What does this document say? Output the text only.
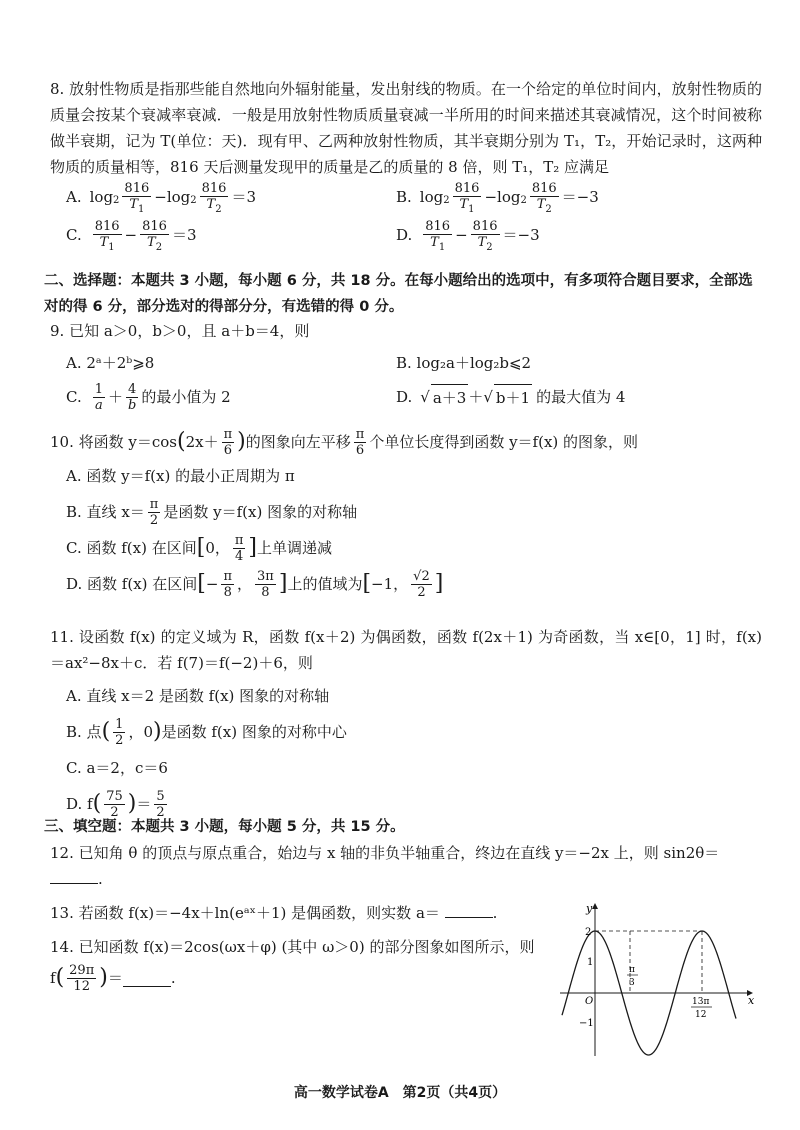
8. 放射性物质是指那些能自然地向外辐射能量，发出射线的物质。在一个给定的单位时间内，放射性物质的质量会按某个衰减率衰减．一般是用放射性物质质量衰减一半所用的时间来描述其衰减情况，这个时间被称做半衰期，记为 T(单位：天)．现有甲、乙两种放射性物质，其半衰期分别为 T₁，T₂，开始记录时，这两种物质的质量相等，816 天后测量发现甲的质量是乙的质量的 8 倍，则 T₁，T₂ 应满足
A. $\log 2 \frac{816}{T_1} - \log 2 \frac{816}{T_2} =3$	B. $\log 2 \frac{816}{T_1} - \log 2 \frac{816}{T_2} =-3$
C. $\frac{816}{T_1} - \frac{816}{T_2} =3$	D. $\frac{816}{T_1} - \frac{816}{T_2} =-3$
二、选择题：本题共 3 小题，每小题 6 分，共 18 分。在每小题给出的选项中，有多项符合题目要求，全部选对的得 6 分，部分选对的得部分分，有选错的得 0 分。
9. 已知 a＞0，b＞0，且 a＋b＝4，则
A. 2ᵃ＋2ᵇ⩾8	B. log₂a＋log₂b⩽2
C. $\frac{1}{a} + \frac{4}{b}$ 的最小值为 2	D. √ a＋3 ＋ √ b＋1 的最大值为 4
10. 将函数 y＝cos ( $2x+ \frac{\pi}{6}$ ) 的图象向左平移 $\frac{\pi}{6}$ 个单位长度得到函数 y＝f(x) 的图象，则
A. 函数 y＝f(x) 的最小正周期为 π
B. 直线 $x= \frac{\pi}{2}$ 是函数 y＝f(x) 图象的对称轴
C. 函数 f(x) 在区间 [ 0， $\frac{\pi}{4}$ ] 上单调递减
D. 函数 f(x) 在区间 [ − $\frac{\pi}{8}$ ， $\frac{3\pi}{8}$ ] 上的值域为 [ −1， $\frac{√2}{2}$ ]
11. 设函数 f(x) 的定义域为 R，函数 f(x＋2) 为偶函数，函数 f(2x＋1) 为奇函数，当 x∈[0，1] 时，f(x)＝ax²−8x＋c．若 f(7)＝f(−2)＋6，则
A. 直线 x＝2 是函数 f(x) 图象的对称轴
B. 点 ( $\frac{1}{2}$ ，0 ) 是函数 f(x) 图象的对称中心
C. a＝2，c＝6
D. f ( $\frac{75}{2}$ ) ＝ $\frac{5}{2}$
三、填空题：本题共 3 小题，每小题 5 分，共 15 分。
12. 已知角 θ 的顶点与原点重合，始边与 x 轴的非负半轴重合，终边在直线 y＝−2x 上，则 sin2θ＝
.
13. 若函数 f(x)＝−4x＋ln(eᵃˣ＋1) 是偶函数，则实数 a＝	.
14. 已知函数 f(x)＝2cos(ωx＋φ) (其中 ω＞0) 的部分图象如图所示，则
f ( $\frac{29\pi}{12}$ ) ＝	.
y
x
O
2
1
−1
π
3
13π
12
高一数学试卷A　第2页（共4页）
